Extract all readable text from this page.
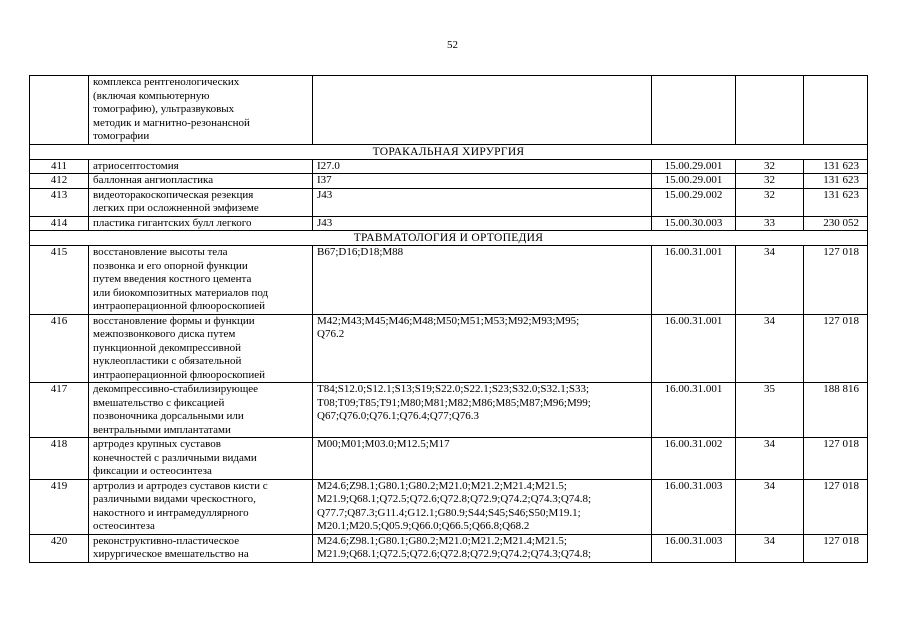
52

	комплекса рентгенологических
(включая компьютерную
томографию), ультразвуковых
методик и магнитно-резонансной
томографии				

ТОРАКАЛЬНАЯ ХИРУРГИЯ					
411	атриосептостомия	I27.0	15.00.29.001	32	131 623
412	баллонная ангиопластика	I37	15.00.29.001	32	131 623
413	видеоторакоскопическая резекция
легких при осложненной эмфиземе	J43	15.00.29.002	32	131 623
414	пластика гигантских булл легкого	J43	15.00.30.003	33	230 052
ТРАВМАТОЛОГИЯ И ОРТОПЕДИЯ					
415	восстановление высоты тела
позвонка и его опорной функции
путем введения костного цемента
или биокомпозитных материалов под
интраоперационной флюороскопией	B67;D16;D18;M88	16.00.31.001	34	127 018
416	восстановление формы и функции
межпозвонкового диска путем
пункционной декомпрессивной
нуклеопластики с обязательной
интраоперационной флюороскопией	M42;M43;M45;M46;M48;M50;M51;M53;M92;M93;M95;
Q76.2	16.00.31.001	34	127 018
417	декомпрессивно-стабилизирующее
вмешательство с фиксацией
позвоночника дорсальными или
вентральными имплантатами	T84;S12.0;S12.1;S13;S19;S22.0;S22.1;S23;S32.0;S32.1;S33;
T08;T09;T85;T91;M80;M81;M82;M86;M85;M87;M96;M99;
Q67;Q76.0;Q76.1;Q76.4;Q77;Q76.3	16.00.31.001	35	188 816
418	артродез крупных суставов
конечностей с различными видами
фиксации и остеосинтеза	M00;M01;M03.0;M12.5;M17	16.00.31.002	34	127 018
419	артролиз и артродез суставов кисти с
различными видами чрескостного,
накостного и интрамедуллярного
остеосинтеза	M24.6;Z98.1;G80.1;G80.2;M21.0;M21.2;M21.4;M21.5;
M21.9;Q68.1;Q72.5;Q72.6;Q72.8;Q72.9;Q74.2;Q74.3;Q74.8;
Q77.7;Q87.3;G11.4;G12.1;G80.9;S44;S45;S46;S50;M19.1;
M20.1;M20.5;Q05.9;Q66.0;Q66.5;Q66.8;Q68.2	16.00.31.003	34	127 018
420	реконструктивно-пластическое
хирургическое вмешательство на	M24.6;Z98.1;G80.1;G80.2;M21.0;M21.2;M21.4;M21.5;
M21.9;Q68.1;Q72.5;Q72.6;Q72.8;Q72.9;Q74.2;Q74.3;Q74.8;	16.00.31.003	34	127 018
